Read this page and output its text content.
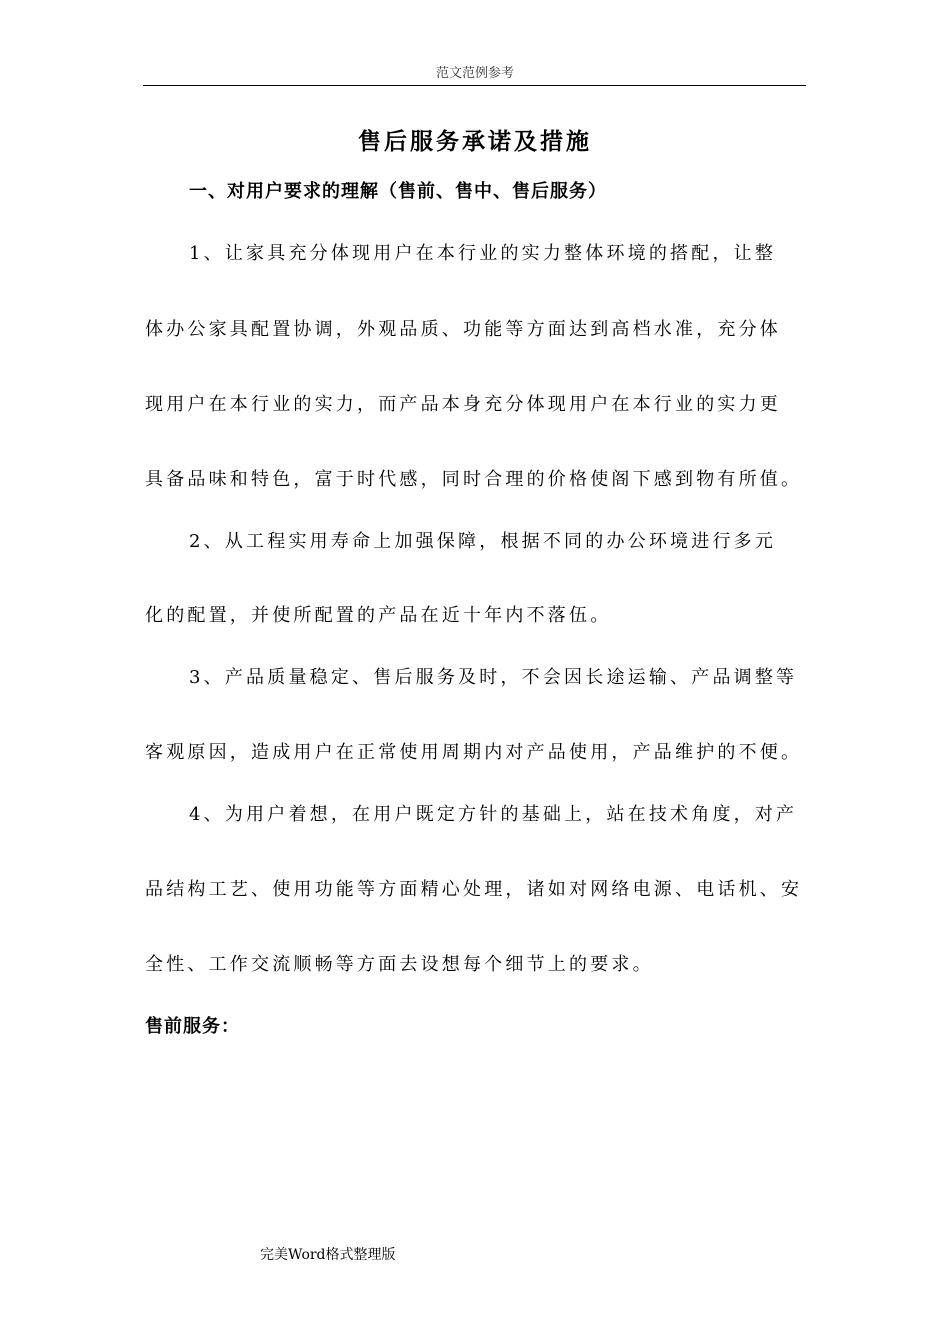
范文范例参考
售后服务承诺及措施
一、对用户要求的理解（售前、售中、售后服务）
1、让家具充分体现用户在本行业的实力整体环境的搭配，让整
体办公家具配置协调，外观品质、功能等方面达到高档水准，充分体
现用户在本行业的实力，而产品本身充分体现用户在本行业的实力更
具备品味和特色，富于时代感，同时合理的价格使阁下感到物有所值。
2、从工程实用寿命上加强保障，根据不同的办公环境进行多元
化的配置，并使所配置的产品在近十年内不落伍。
3、产品质量稳定、售后服务及时，不会因长途运输、产品调整等
客观原因，造成用户在正常使用周期内对产品使用，产品维护的不便。
4、为用户着想，在用户既定方针的基础上，站在技术角度，对产
品结构工艺、使用功能等方面精心处理，诸如对网络电源、电话机、安
全性、工作交流顺畅等方面去设想每个细节上的要求。
售前服务：
完美Word格式整理版
